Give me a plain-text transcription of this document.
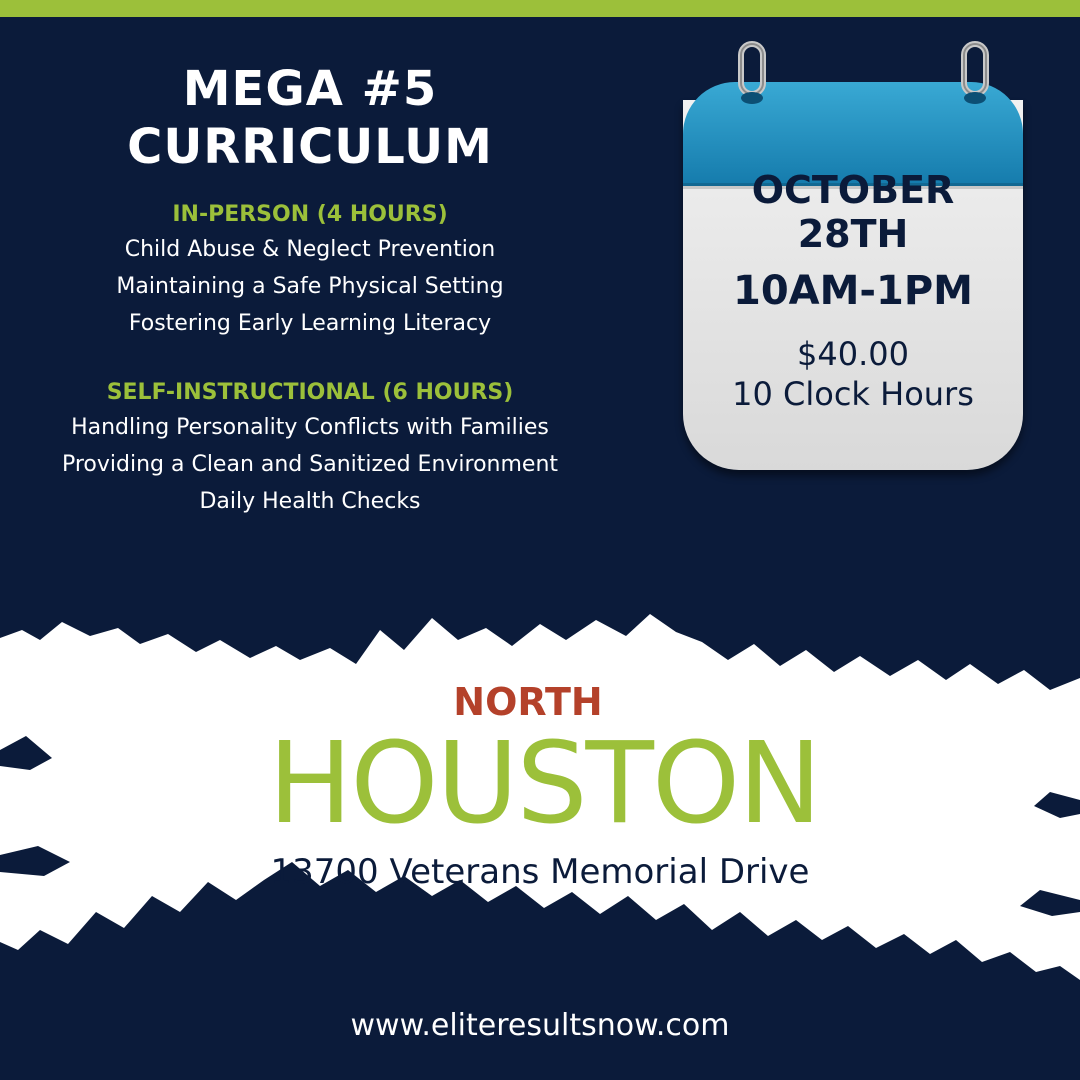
MEGA #5

CURRICULUM

IN-PERSON (4 HOURS)

Child Abuse & Neglect Prevention

Maintaining a Safe Physical Setting

Fostering Early Learning Literacy

SELF-INSTRUCTIONAL (6 HOURS)

Handling Personality Conflicts with Families

Providing a Clean and Sanitized Environment

Daily Health Checks

OCTOBER

28TH

10AM-1PM

$40.00

10 Clock Hours

NORTH

HOUSTON

13700 Veterans Memorial Drive

www.eliteresultsnow.com
